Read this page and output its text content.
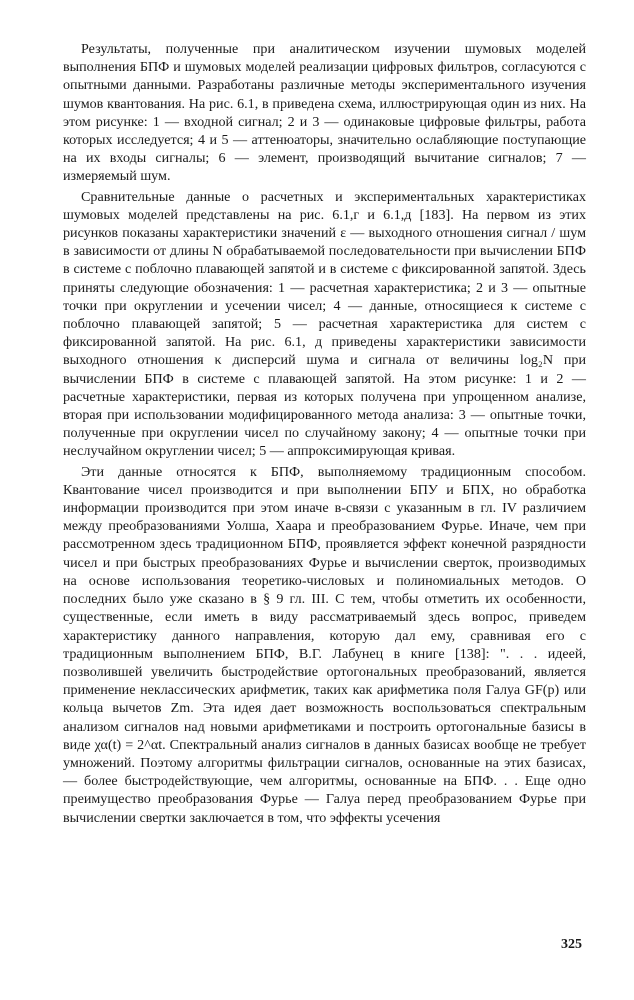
Результаты, полученные при аналитическом изучении шумовых моделей выполнения БПФ и шумовых моделей реализации цифровых фильтров, согласуются с опытными данными. Разработаны различные методы экспериментального изучения шумов квантования. На рис. 6.1, в приведена схема, иллюстрирующая один из них. На этом рисунке: 1 — входной сигнал; 2 и 3 — одинаковые цифровые фильтры, работа которых исследуется; 4 и 5 — аттенюаторы, значительно ослабляющие поступающие на их входы сигналы; 6 — элемент, производящий вычитание сигналов; 7 — измеряемый шум.

Сравнительные данные о расчетных и экспериментальных характеристиках шумовых моделей представлены на рис. 6.1,г и 6.1,д [183]. На первом из этих рисунков показаны характеристики значений ε — выходного отношения сигнал / шум в зависимости от длины N обрабатываемой последовательности при вычислении БПФ в системе с поблочно плавающей запятой и в системе с фиксированной запятой. Здесь приняты следующие обозначения: 1 — расчетная характеристика; 2 и 3 — опытные точки при округлении и усечении чисел; 4 — данные, относящиеся к системе с поблочно плавающей запятой; 5 — расчетная характеристика для систем с фиксированной запятой. На рис. 6.1, д приведены характеристики зависимости выходного отношения κ дисперсий шума и сигнала от величины log₂N при вычислении БПФ в системе с плавающей запятой. На этом рисунке: 1 и 2 — расчетные характеристики, первая из которых получена при упрощенном анализе, вторая при использовании модифицированного метода анализа: 3 — опытные точки, полученные при округлении чисел по случайному закону; 4 — опытные точки при неслучайном округлении чисел; 5 — аппроксимирующая кривая.

Эти данные относятся к БПФ, выполняемому традиционным способом. Квантование чисел производится и при выполнении БПУ и БПХ, но обработка информации производится при этом иначе в-связи с указанным в гл. IV различием между преобразованиями Уолша, Хаара и преобразованием Фурье. Иначе, чем при рассмотренном здесь традиционном БПФ, проявляется эффект конечной разрядности чисел и при быстрых преобразованиях Фурье и вычислении сверток, производимых на основе использования теоретико-числовых и полиномиальных методов. О последних было уже сказано в § 9 гл. III. С тем, чтобы отметить их особенности, существенные, если иметь в виду рассматриваемый здесь вопрос, приведем характеристику данного направления, которую дал ему, сравнивая его с традиционным выполнением БПФ, В.Г. Лабунец в книге [138]: ". . . идеей, позволившей увеличить быстродействие ортогональных преобразований, является применение неклассических арифметик, таких как арифметика поля Галуа GF(p) или кольца вычетов Zm. Эта идея дает возможность воспользоваться спектральным анализом сигналов над новыми арифметиками и построить ортогональные базисы в виде χα(t) = 2^αt. Спектральный анализ сигналов в данных базисах вообще не требует умножений. Поэтому алгоритмы фильтрации сигналов, основанные на этих базисах, — более быстродействующие, чем алгоритмы, основанные на БПФ. . . Еще одно преимущество преобразования Фурье — Галуа перед преобразованием Фурье при вычислении свертки заключается в том, что эффекты усечения

325
